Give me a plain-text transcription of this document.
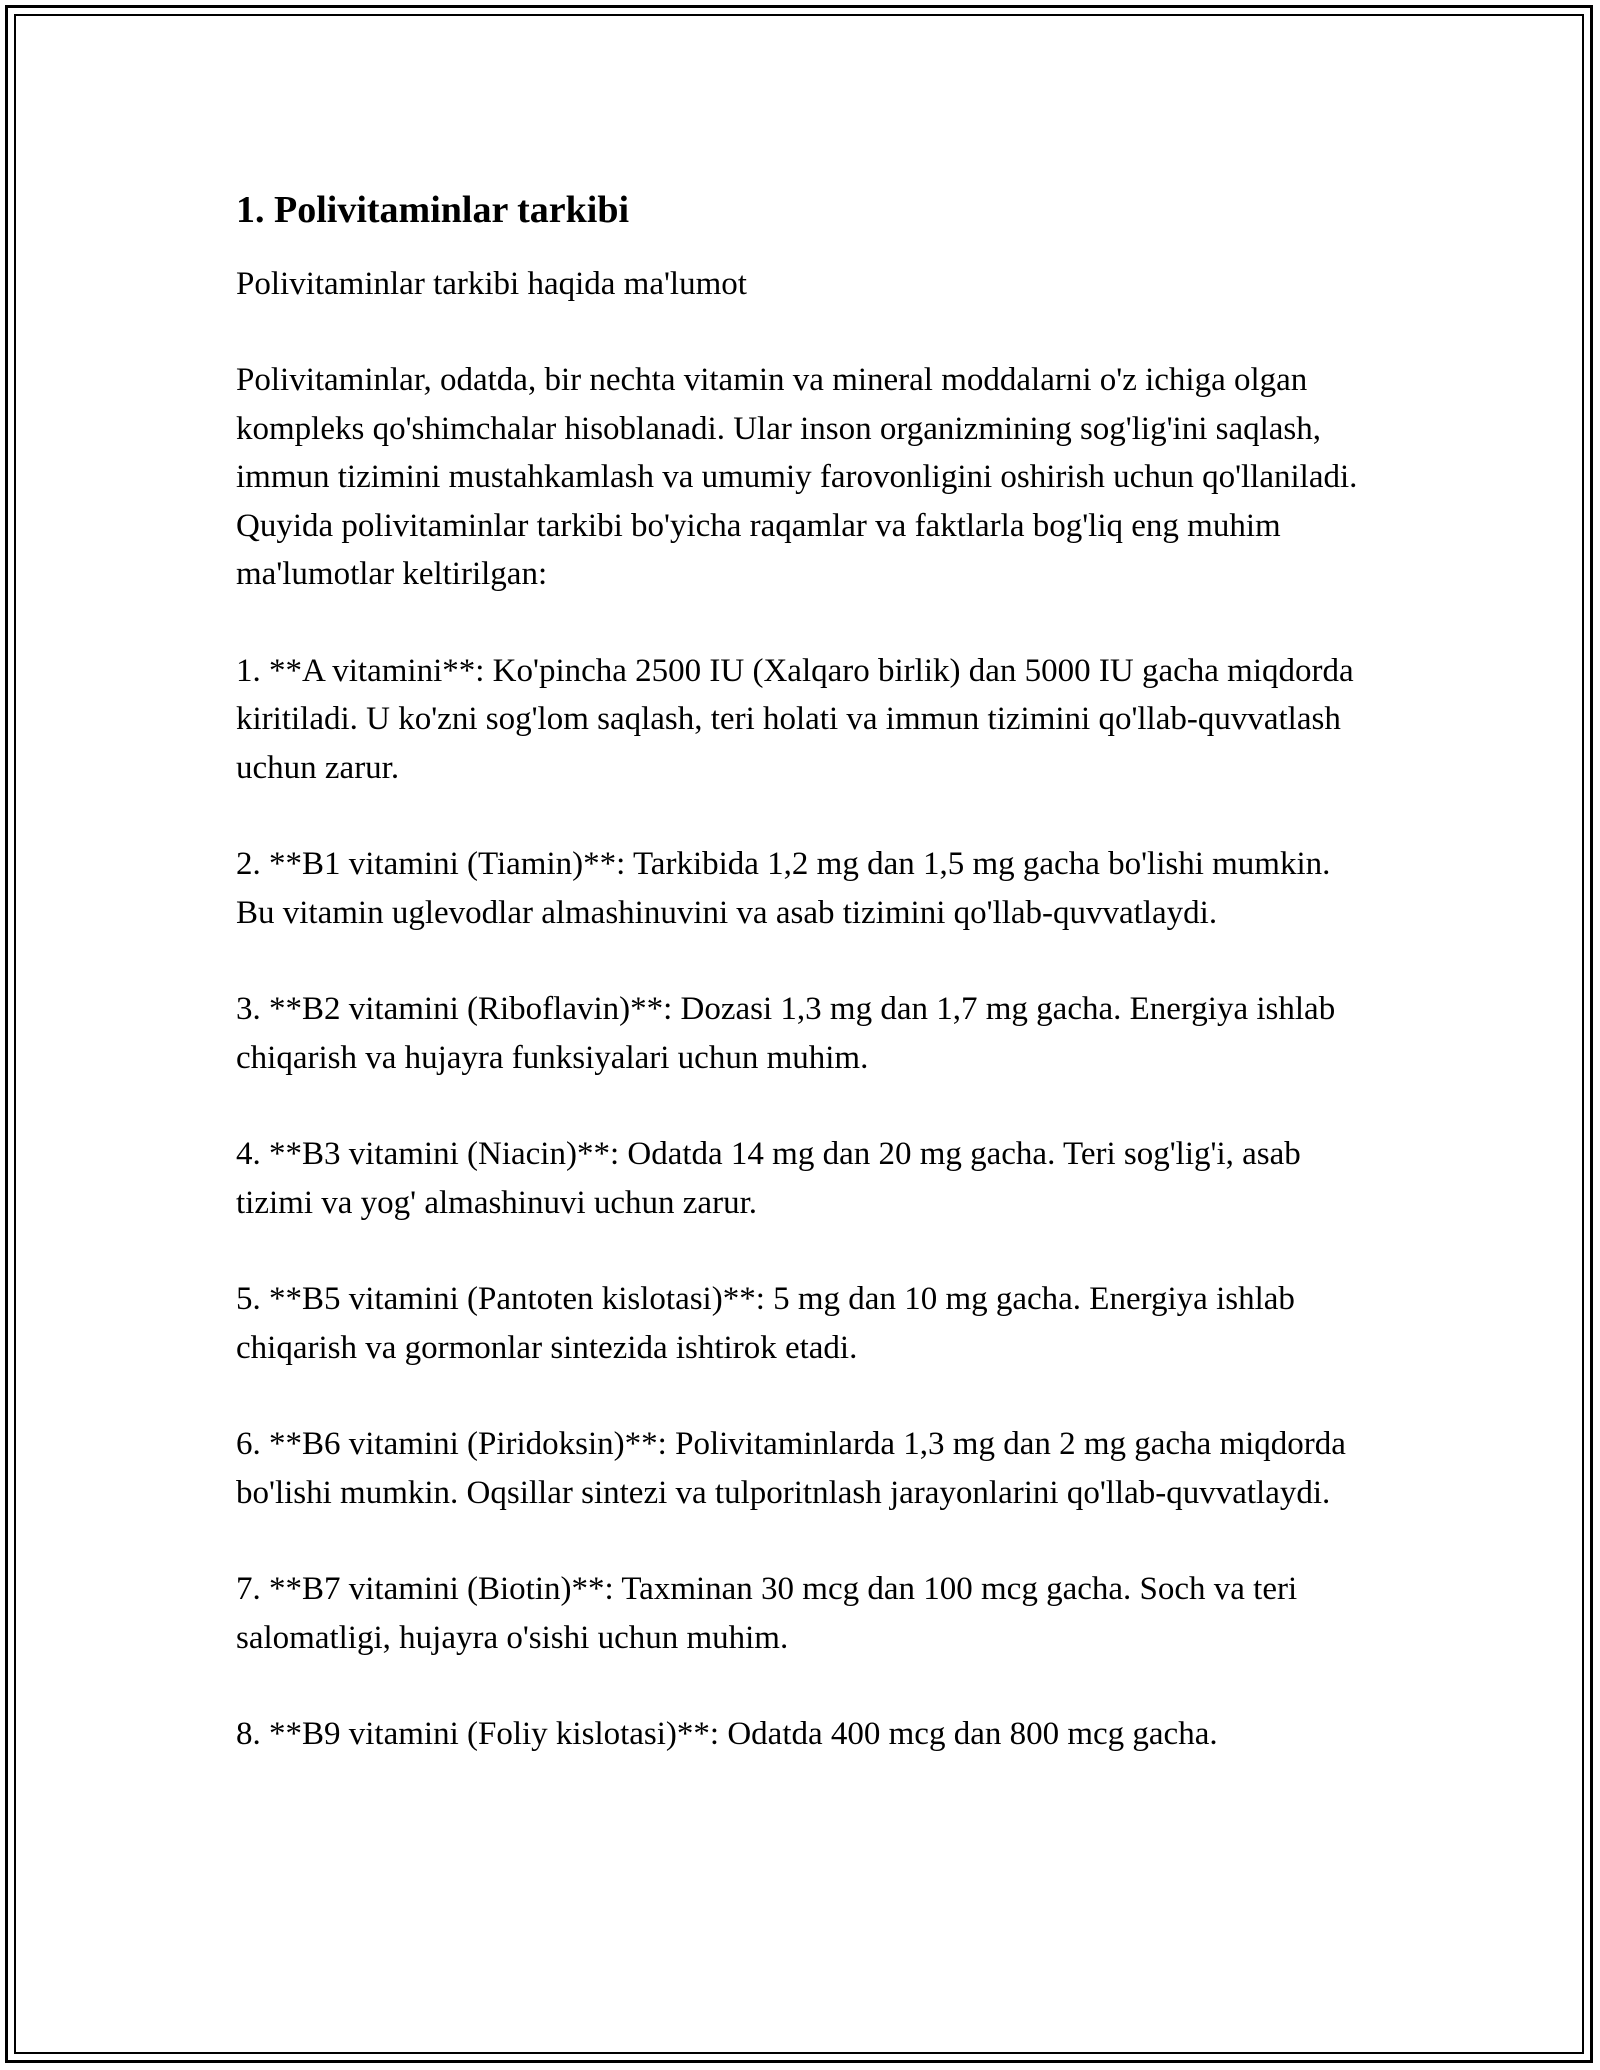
1. Polivitaminlar tarkibi

Polivitaminlar tarkibi haqida ma'lumot

Polivitaminlar, odatda, bir nechta vitamin va mineral moddalarni o'z ichiga olgan kompleks qo'shimchalar hisoblanadi. Ular inson organizmining sog'lig'ini saqlash, immun tizimini mustahkamlash va umumiy farovonligini oshirish uchun qo'llaniladi. Quyida polivitaminlar tarkibi bo'yicha raqamlar va faktlarla bog'liq eng muhim ma'lumotlar keltirilgan:

1. **A vitamini**: Ko'pincha 2500 IU (Xalqaro birlik) dan 5000 IU gacha miqdorda kiritiladi. U ko'zni sog'lom saqlash, teri holati va immun tizimini qo'llab-quvvatlash uchun zarur.

2. **B1 vitamini (Tiamin)**: Tarkibida 1,2 mg dan 1,5 mg gacha bo'lishi mumkin. Bu vitamin uglevodlar almashinuvini va asab tizimini qo'llab-quvvatlaydi.

3. **B2 vitamini (Riboflavin)**: Dozasi 1,3 mg dan 1,7 mg gacha. Energiya ishlab chiqarish va hujayra funksiyalari uchun muhim.

4. **B3 vitamini (Niacin)**: Odatda 14 mg dan 20 mg gacha. Teri sog'lig'i, asab tizimi va yog' almashinuvi uchun zarur.

5. **B5 vitamini (Pantoten kislotasi)**: 5 mg dan 10 mg gacha. Energiya ishlab chiqarish va gormonlar sintezida ishtirok etadi.

6. **B6 vitamini (Piridoksin)**: Polivitaminlarda 1,3 mg dan 2 mg gacha miqdorda bo'lishi mumkin. Oqsillar sintezi va tulporitnlash jarayonlarini qo'llab-quvvatlaydi.

7. **B7 vitamini (Biotin)**: Taxminan 30 mcg dan 100 mcg gacha. Soch va teri salomatligi, hujayra o'sishi uchun muhim.

8. **B9 vitamini (Foliy kislotasi)**: Odatda 400 mcg dan 800 mcg gacha.
